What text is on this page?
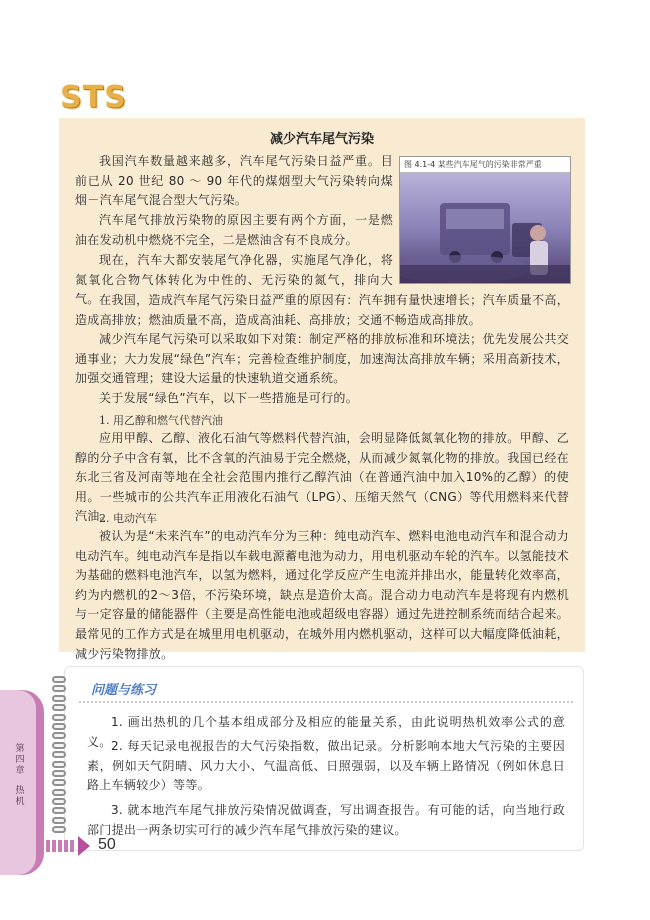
STS
减少汽车尾气污染
图 4.1-4 某些汽车尾气的污染非常严重

我国汽车数量越来越多，汽车尾气污染日益严重。目前已从 20 世纪 80 ～ 90 年代的煤烟型大气污染转向煤烟－汽车尾气混合型大气污染。

汽车尾气排放污染物的原因主要有两个方面，一是燃油在发动机中燃烧不完全，二是燃油含有不良成分。

现在，汽车大都安装尾气净化器，实施尾气净化，将氮氧化合物气体转化为中性的、无污染的氮气，排向大气。 在我国，造成汽车尾气污染日益严重的原因有：汽车拥有量快速增长；汽车质量不高，造成高排放；燃油质量不高，造成高油耗、高排放；交通不畅造成高排放。

减少汽车尾气污染可以采取如下对策：制定严格的排放标准和环境法；优先发展公共交通事业；大力发展“绿色”汽车；完善检查维护制度，加速淘汰高排放车辆；采用高新技术，加强交通管理；建设大运量的快速轨道交通系统。

关于发展“绿色”汽车，以下一些措施是可行的。

1. 用乙醇和燃气代替汽油

应用甲醇、乙醇、液化石油气等燃料代替汽油，会明显降低氮氧化物的排放。甲醇、乙醇的分子中含有氧，比不含氧的汽油易于完全燃烧，从而减少氮氧化物的排放。我国已经在东北三省及河南等地在全社会范围内推行乙醇汽油（在普通汽油中加入10%的乙醇）的使用。一些城市的公共汽车正用液化石油气（LPG）、压缩天然气（CNG）等代用燃料来代替汽油。

2. 电动汽车

被认为是“未来汽车”的电动汽车分为三种：纯电动汽车、燃料电池电动汽车和混合动力电动汽车。纯电动汽车是指以车载电源蓄电池为动力，用电机驱动车轮的汽车。以氢能技术为基础的燃料电池汽车，以氢为燃料，通过化学反应产生电流并排出水，能量转化效率高，约为内燃机的2～3倍，不污染环境，缺点是造价太高。混合动力电动汽车是将现有内燃机与一定容量的储能器件（主要是高性能电池或超级电容器）通过先进控制系统而结合起来。最常见的工作方式是在城里用电机驱动，在城外用内燃机驱动，这样可以大幅度降低油耗，减少污染物排放。

问题与练习

1. 画出热机的几个基本组成部分及相应的能量关系，由此说明热机效率公式的意义。 2. 每天记录电视报告的大气污染指数，做出记录。分析影响本地大气污染的主要因素，例如天气阴晴、风力大小、气温高低、日照强弱，以及车辆上路情况（例如休息日路上车辆较少）等等。

3. 就本地汽车尾气排放污染情况做调查，写出调查报告。有可能的话，向当地行政部门提出一两条切实可行的减少汽车尾气排放污染的建议。

第四章
热 机
50
